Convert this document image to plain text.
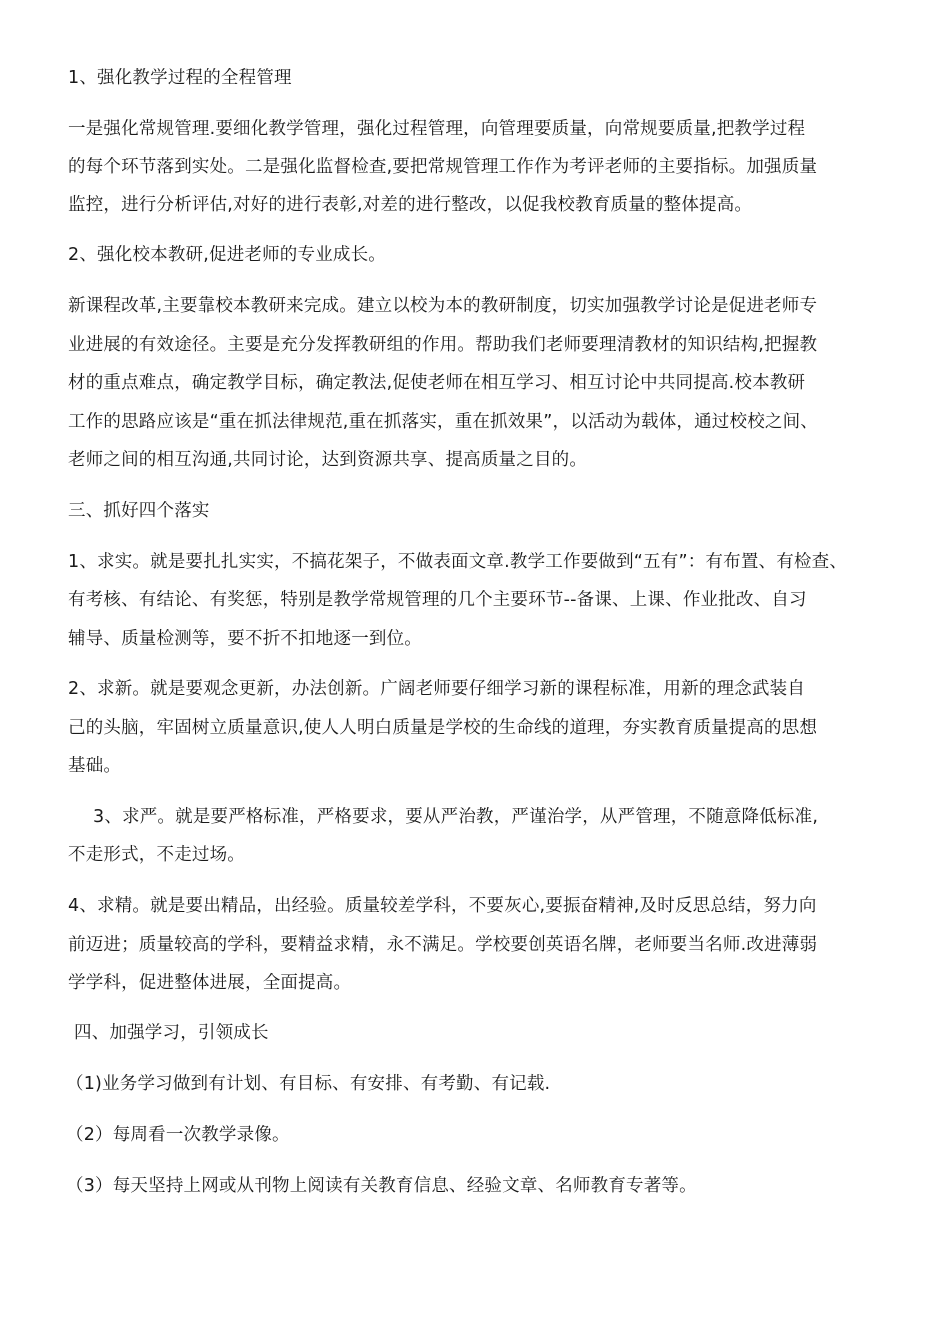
1、强化教学过程的全程管理
一是强化常规管理.要细化教学管理，强化过程管理，向管理要质量，向常规要质量,把教学过程
的每个环节落到实处。二是强化监督检查,要把常规管理工作作为考评老师的主要指标。加强质量
监控，进行分析评估,对好的进行表彰,对差的进行整改，以促我校教育质量的整体提高。
2、强化校本教研,促进老师的专业成长。
新课程改革,主要靠校本教研来完成。建立以校为本的教研制度，切实加强教学讨论是促进老师专
业进展的有效途径。主要是充分发挥教研组的作用。帮助我们老师要理清教材的知识结构,把握教
材的重点难点，确定教学目标，确定教法,促使老师在相互学习、相互讨论中共同提高.校本教研
工作的思路应该是“重在抓法律规范,重在抓落实，重在抓效果”，以活动为载体，通过校校之间、
老师之间的相互沟通,共同讨论，达到资源共享、提高质量之目的。
三、抓好四个落实
1、求实。就是要扎扎实实，不搞花架子，不做表面文章.教学工作要做到“五有”：有布置、有检查、
有考核、有结论、有奖惩，特别是教学常规管理的几个主要环节--备课、上课、作业批改、自习
辅导、质量检测等，要不折不扣地逐一到位。
2、求新。就是要观念更新，办法创新。广阔老师要仔细学习新的课程标准，用新的理念武装自
己的头脑，牢固树立质量意识,使人人明白质量是学校的生命线的道理，夯实教育质量提高的思想
基础。
3、求严。就是要严格标准，严格要求，要从严治教，严谨治学，从严管理，不随意降低标准,
不走形式，不走过场。
4、求精。就是要出精品，出经验。质量较差学科，不要灰心,要振奋精神,及时反思总结，努力向
前迈进；质量较高的学科，要精益求精，永不满足。学校要创英语名牌，老师要当名师.改进薄弱
学学科，促进整体进展，全面提高。
四、加强学习，引领成长
（1)业务学习做到有计划、有目标、有安排、有考勤、有记载.
（2）每周看一次教学录像。
（3）每天坚持上网或从刊物上阅读有关教育信息、经验文章、名师教育专著等。
